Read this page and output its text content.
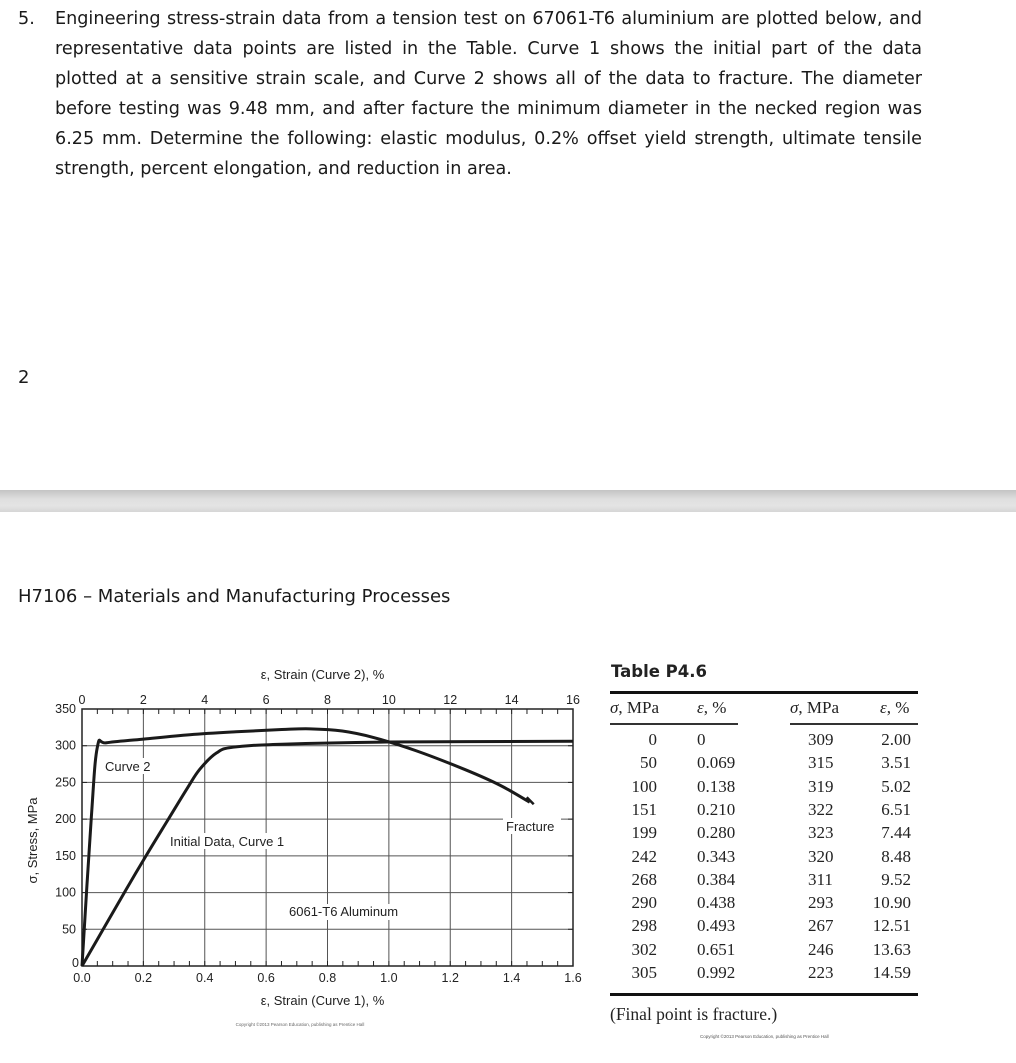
5. Engineering stress-strain data from a tension test on 67061-T6 aluminium are plotted below, and representative data points are listed in the Table. Curve 1 shows the initial part of the data plotted at a sensitive strain scale, and Curve 2 shows all of the data to fracture. The diameter before testing was 9.48 mm, and after facture the minimum diameter in the necked region was 6.25 mm. Determine the following: elastic modulus, 0.2% offset yield strength, ultimate tensile strength, percent elongation, and reduction in area.
2
H7106 – Materials and Manufacturing Processes
Curve 2
Initial Data, Curve 1
6061-T6 Aluminum
Fracture
0
50
100
150
200
250
300
350
0.0	0.2	0.4	0.6	0.8	1.0	1.2	1.4	1.6
0	2	4	6	8	10	12	14	16
ε, Strain (Curve 1), %
ε, Strain (Curve 2), %
σ, Stress, MPa
Copyright ©2013 Pearson Education, publishing as Prentice Hall
Table P4.6
σ, MPa ε, %	σ, MPa ε, %
0 0	309	2.00
50 0.069	315	3.51
100 0.138	319	5.02
151 0.210	322	6.51
199 0.280	323	7.44
242 0.343	320	8.48
268 0.384	311	9.52
290 0.438	293	10.90
298 0.493	267	12.51
302 0.651	246	13.63
305 0.992	223	14.59
(Final point is fracture.)
Copyright ©2013 Pearson Education, publishing as Prentice Hall
